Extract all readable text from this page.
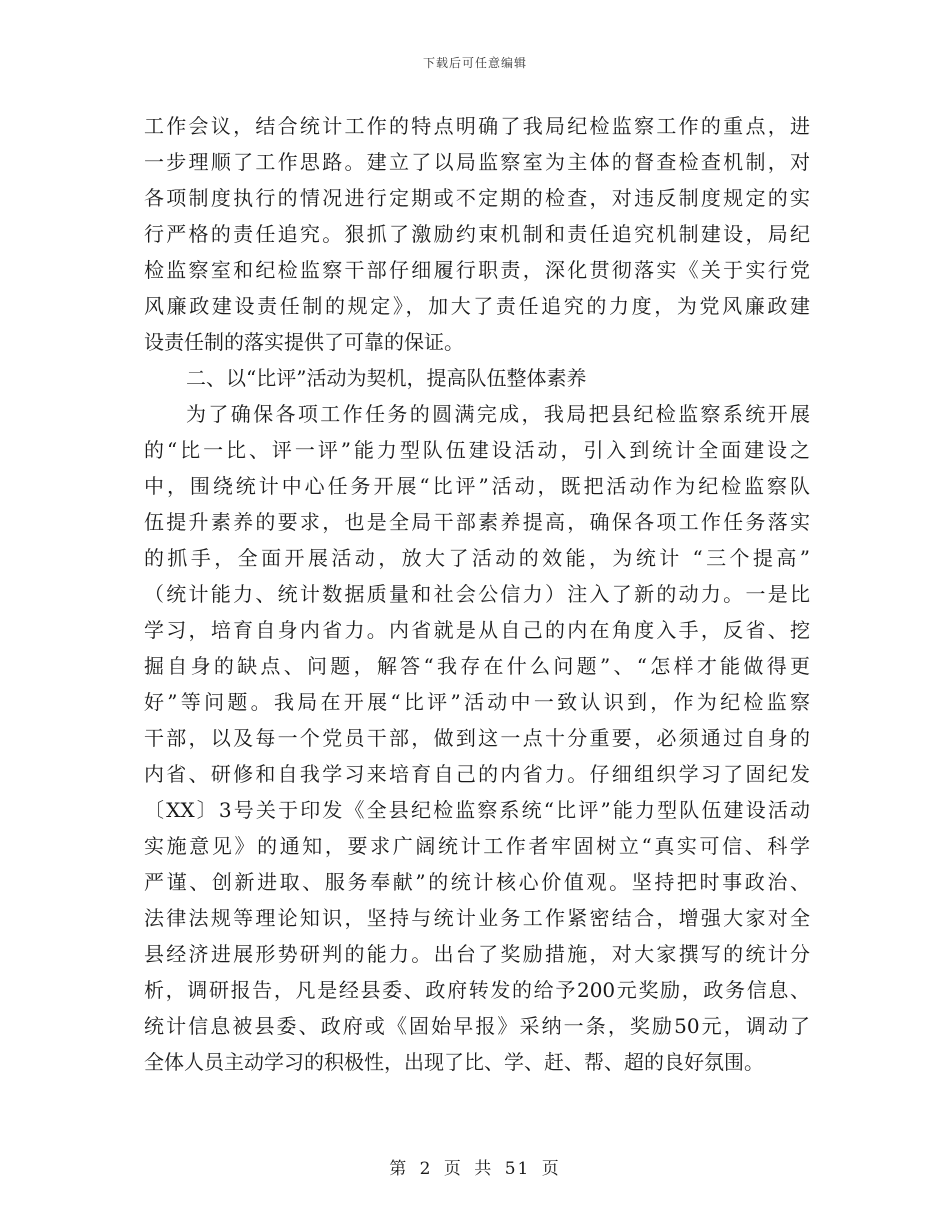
下载后可任意编辑
工作会议，结合统计工作的特点明确了我局纪检监察工作的重点，进
一步理顺了工作思路。建立了以局监察室为主体的督查检查机制，对
各项制度执行的情况进行定期或不定期的检查，对违反制度规定的实
行严格的责任追究。狠抓了激励约束机制和责任追究机制建设，局纪
检监察室和纪检监察干部仔细履行职责，深化贯彻落实《关于实行党
风廉政建设责任制的规定》，加大了责任追究的力度，为党风廉政建
设责任制的落实提供了可靠的保证。
二、以“比评”活动为契机，提高队伍整体素养
为了确保各项工作任务的圆满完成，我局把县纪检监察系统开展
的“比一比、评一评”能力型队伍建设活动，引入到统计全面建设之
中，围绕统计中心任务开展“比评”活动，既把活动作为纪检监察队
伍提升素养的要求，也是全局干部素养提高，确保各项工作任务落实
的抓手，全面开展活动，放大了活动的效能，为统计 “三个提高”
（统计能力、统计数据质量和社会公信力）注入了新的动力。一是比
学习，培育自身内省力。内省就是从自己的内在角度入手，反省、挖
掘自身的缺点、问题，解答“我存在什么问题”、“怎样才能做得更
好”等问题。我局在开展“比评”活动中一致认识到，作为纪检监察
干部，以及每一个党员干部，做到这一点十分重要，必须通过自身的
内省、研修和自我学习来培育自己的内省力。仔细组织学习了固纪发
〔XX〕3号关于印发《全县纪检监察系统“比评”能力型队伍建设活动
实施意见》的通知，要求广阔统计工作者牢固树立“真实可信、科学
严谨、创新进取、服务奉献”的统计核心价值观。坚持把时事政治、
法律法规等理论知识，坚持与统计业务工作紧密结合，增强大家对全
县经济进展形势研判的能力。出台了奖励措施，对大家撰写的统计分
析，调研报告，凡是经县委、政府转发的给予200元奖励，政务信息、
统计信息被县委、政府或《固始早报》采纳一条，奖励50元，调动了
全体人员主动学习的积极性，出现了比、学、赶、帮、超的良好氛围。
第 2 页 共 51 页
